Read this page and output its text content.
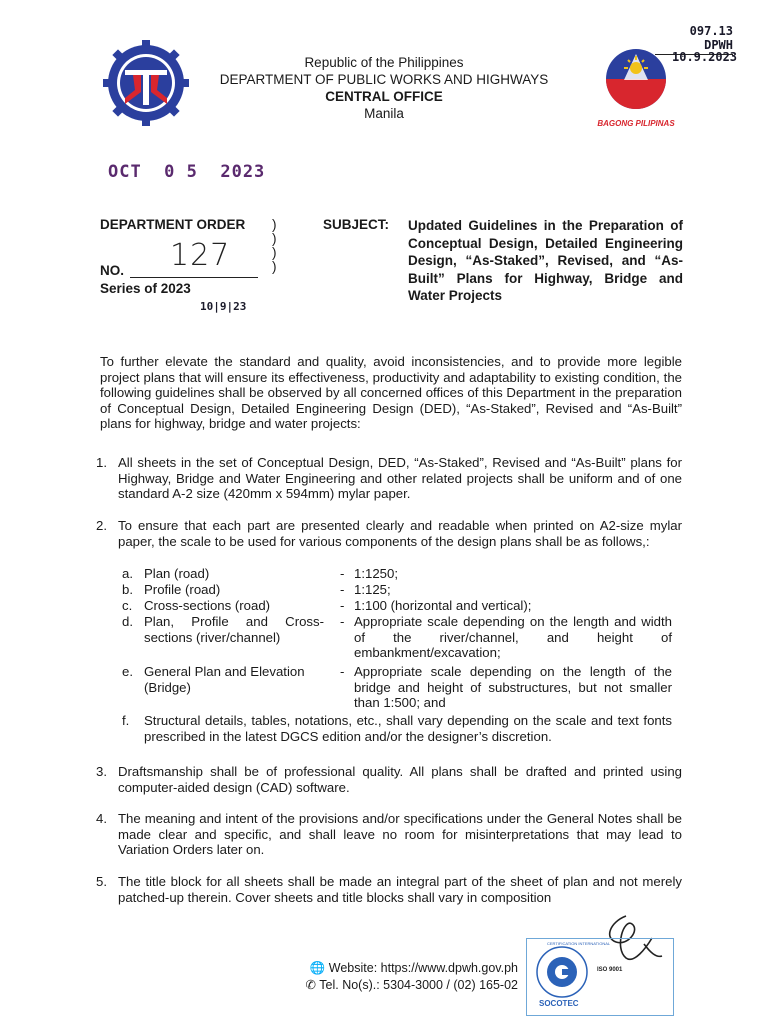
Republic of the Philippines
DEPARTMENT OF PUBLIC WORKS AND HIGHWAYS
CENTRAL OFFICE
Manila
BAGONG PILIPINAS
097.13 DPWH
10.9.2023
OCT  0 5  2023
DEPARTMENT ORDER )
)
)
)
NO. 127
Series of 2023
10|9|23
SUBJECT: Updated Guidelines in the Preparation of Conceptual Design, Detailed Engineering Design, “As-Staked”, Revised, and “As-Built” Plans for Highway, Bridge and Water Projects
To further elevate the standard and quality, avoid inconsistencies, and to provide more legible project plans that will ensure its effectiveness, productivity and adaptability to existing condition, the following guidelines shall be observed by all concerned offices of this Department in the preparation of Conceptual Design, Detailed Engineering Design (DED), “As-Staked”, Revised and “As-Built” plans for highway, bridge and water projects:
1. All sheets in the set of Conceptual Design, DED, “As-Staked”, Revised and “As-Built” plans for Highway, Bridge and Water Engineering and other related projects shall be uniform and of one standard A-2 size (420mm x 594mm) mylar paper.
2. To ensure that each part are presented clearly and readable when printed on A2-size mylar paper, the scale to be used for various components of the design plans shall be as follows,:
a. Plan (road)	- 1:1250;
b. Profile (road)	- 1:125;
c. Cross-sections (road)	- 1:100 (horizontal and vertical);
d. Plan, Profile and Cross-sections (river/channel)
- Appropriate scale depending on the length and width of the river/channel, and height of embankment/excavation;
e. General Plan and Elevation (Bridge)
- Appropriate scale depending on the length of the bridge and height of substructures, but not smaller than 1:500; and
f. Structural details, tables, notations, etc., shall vary depending on the scale and text fonts prescribed in the latest DGCS edition and/or the designer’s discretion.
3. Draftsmanship shall be of professional quality. All plans shall be drafted and printed using computer-aided design (CAD) software.
4. The meaning and intent of the provisions and/or specifications under the General Notes shall be made clear and specific, and shall leave no room for misinterpretations that may lead to Variation Orders later on.
5. The title block for all sheets shall be made an integral part of the sheet of plan and not merely patched-up therein. Cover sheets and title blocks shall vary in composition
🌐 Website: https://www.dpwh.gov.ph
✆ Tel. No(s).: 5304-3000 / (02) 165-02
CERTIFICATION INTERNATIONAL
ISO 9001
SOCOTEC
